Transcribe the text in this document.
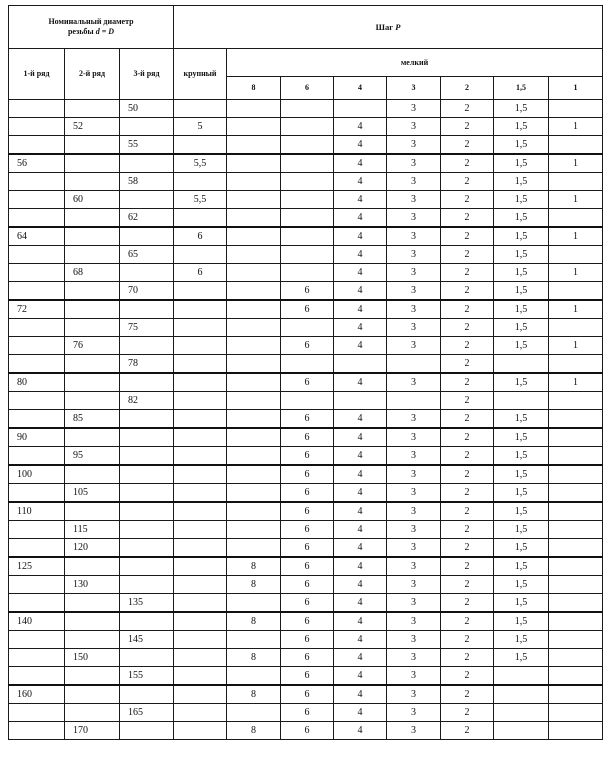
Номинальный диаметр
резьбы d = D			Шаг P							
1-й ряд	2-й ряд	3-й ряд	крупный	мелкий						
				8	6	4	3	2	1,5	1
		50					3	2	1,5	
	52		5			4	3	2	1,5	1
		55				4	3	2	1,5	
56			5,5			4	3	2	1,5	1
		58				4	3	2	1,5	
	60		5,5			4	3	2	1,5	1
		62				4	3	2	1,5	
64			6			4	3	2	1,5	1
		65				4	3	2	1,5	
	68		6			4	3	2	1,5	1
		70			6	4	3	2	1,5	
72					6	4	3	2	1,5	1
		75				4	3	2	1,5	
	76				6	4	3	2	1,5	1
		78						2		
80					6	4	3	2	1,5	1
		82						2		
	85				6	4	3	2	1,5	
90					6	4	3	2	1,5	
	95				6	4	3	2	1,5	
100					6	4	3	2	1,5	
	105				6	4	3	2	1,5	
110					6	4	3	2	1,5	
	115				6	4	3	2	1,5	
	120				6	4	3	2	1,5	
125				8	6	4	3	2	1,5	
	130			8	6	4	3	2	1,5	
		135			6	4	3	2	1,5	
140				8	6	4	3	2	1,5	
		145			6	4	3	2	1,5	
	150			8	6	4	3	2	1,5	
		155			6	4	3	2		
160				8	6	4	3	2		
		165			6	4	3	2		
	170			8	6	4	3	2		
